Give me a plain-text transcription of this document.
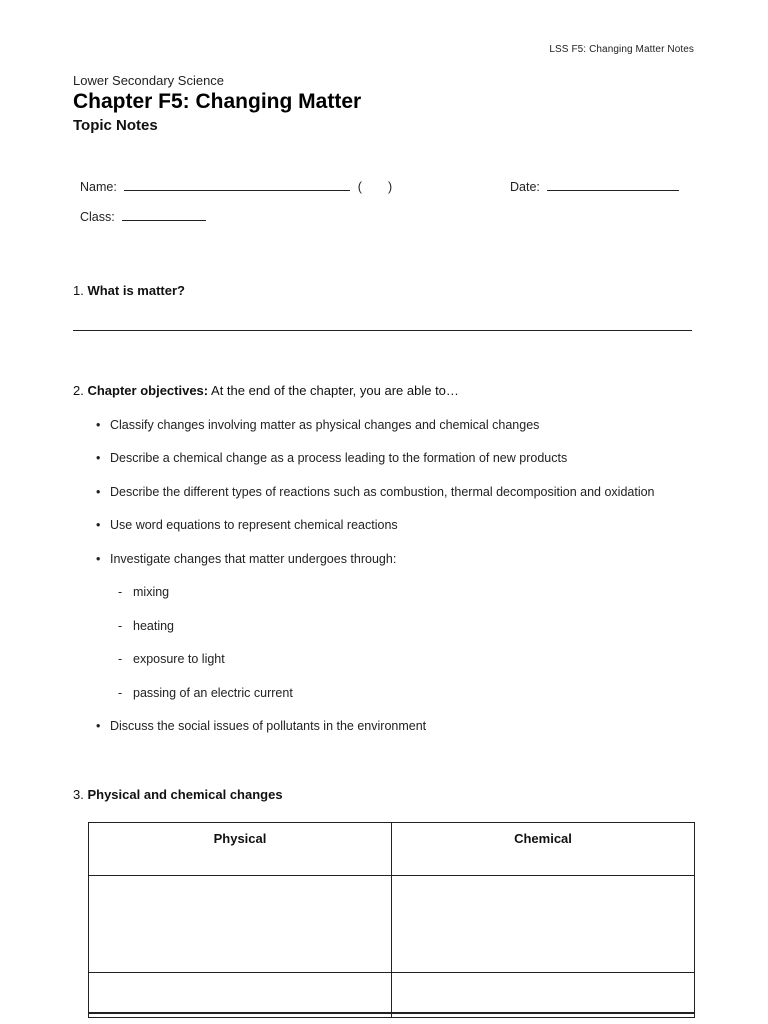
LSS F5: Changing Matter Notes
Lower Secondary Science
Chapter F5: Changing Matter
Topic Notes
Name:	( )	Date:
Class:
1. What is matter?
2. Chapter objectives: At the end of the chapter, you are able to…
• Classify changes involving matter as physical changes and chemical changes
• Describe a chemical change as a process leading to the formation of new products
• Describe the different types of reactions such as combustion, thermal decomposition and oxidation
• Use word equations to represent chemical reactions
• Investigate changes that matter undergoes through:
- mixing
- heating
- exposure to light
- passing of an electric current
• Discuss the social issues of pollutants in the environment
3. Physical and chemical changes
Physical	Chemical
